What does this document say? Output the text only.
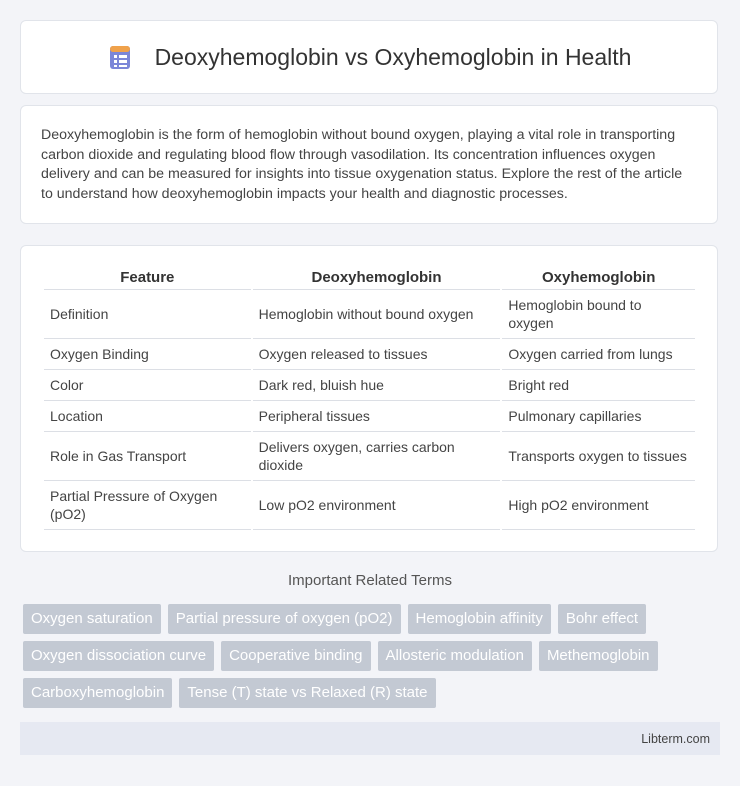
Deoxyhemoglobin vs Oxyhemoglobin in Health

Deoxyhemoglobin is the form of hemoglobin without bound oxygen, playing a vital role in transporting carbon dioxide and regulating blood flow through vasodilation. Its concentration influences oxygen delivery and can be measured for insights into tissue oxygenation status. Explore the rest of the article to understand how deoxyhemoglobin impacts your health and diagnostic processes.

Feature	Deoxyhemoglobin	Oxyhemoglobin
Definition	Hemoglobin without bound oxygen	Hemoglobin bound to oxygen
Oxygen Binding	Oxygen released to tissues	Oxygen carried from lungs
Color	Dark red, bluish hue	Bright red
Location	Peripheral tissues	Pulmonary capillaries
Role in Gas Transport	Delivers oxygen, carries carbon dioxide	Transports oxygen to tissues
Partial Pressure of Oxygen (pO2)	Low pO2 environment	High pO2 environment
Important Related Terms
Oxygen saturation	Partial pressure of oxygen (pO2)	Hemoglobin affinity	Bohr effect
Oxygen dissociation curve	Cooperative binding	Allosteric modulation	Methemoglobin
Carboxyhemoglobin	Tense (T) state vs Relaxed (R) state
Libterm.com
